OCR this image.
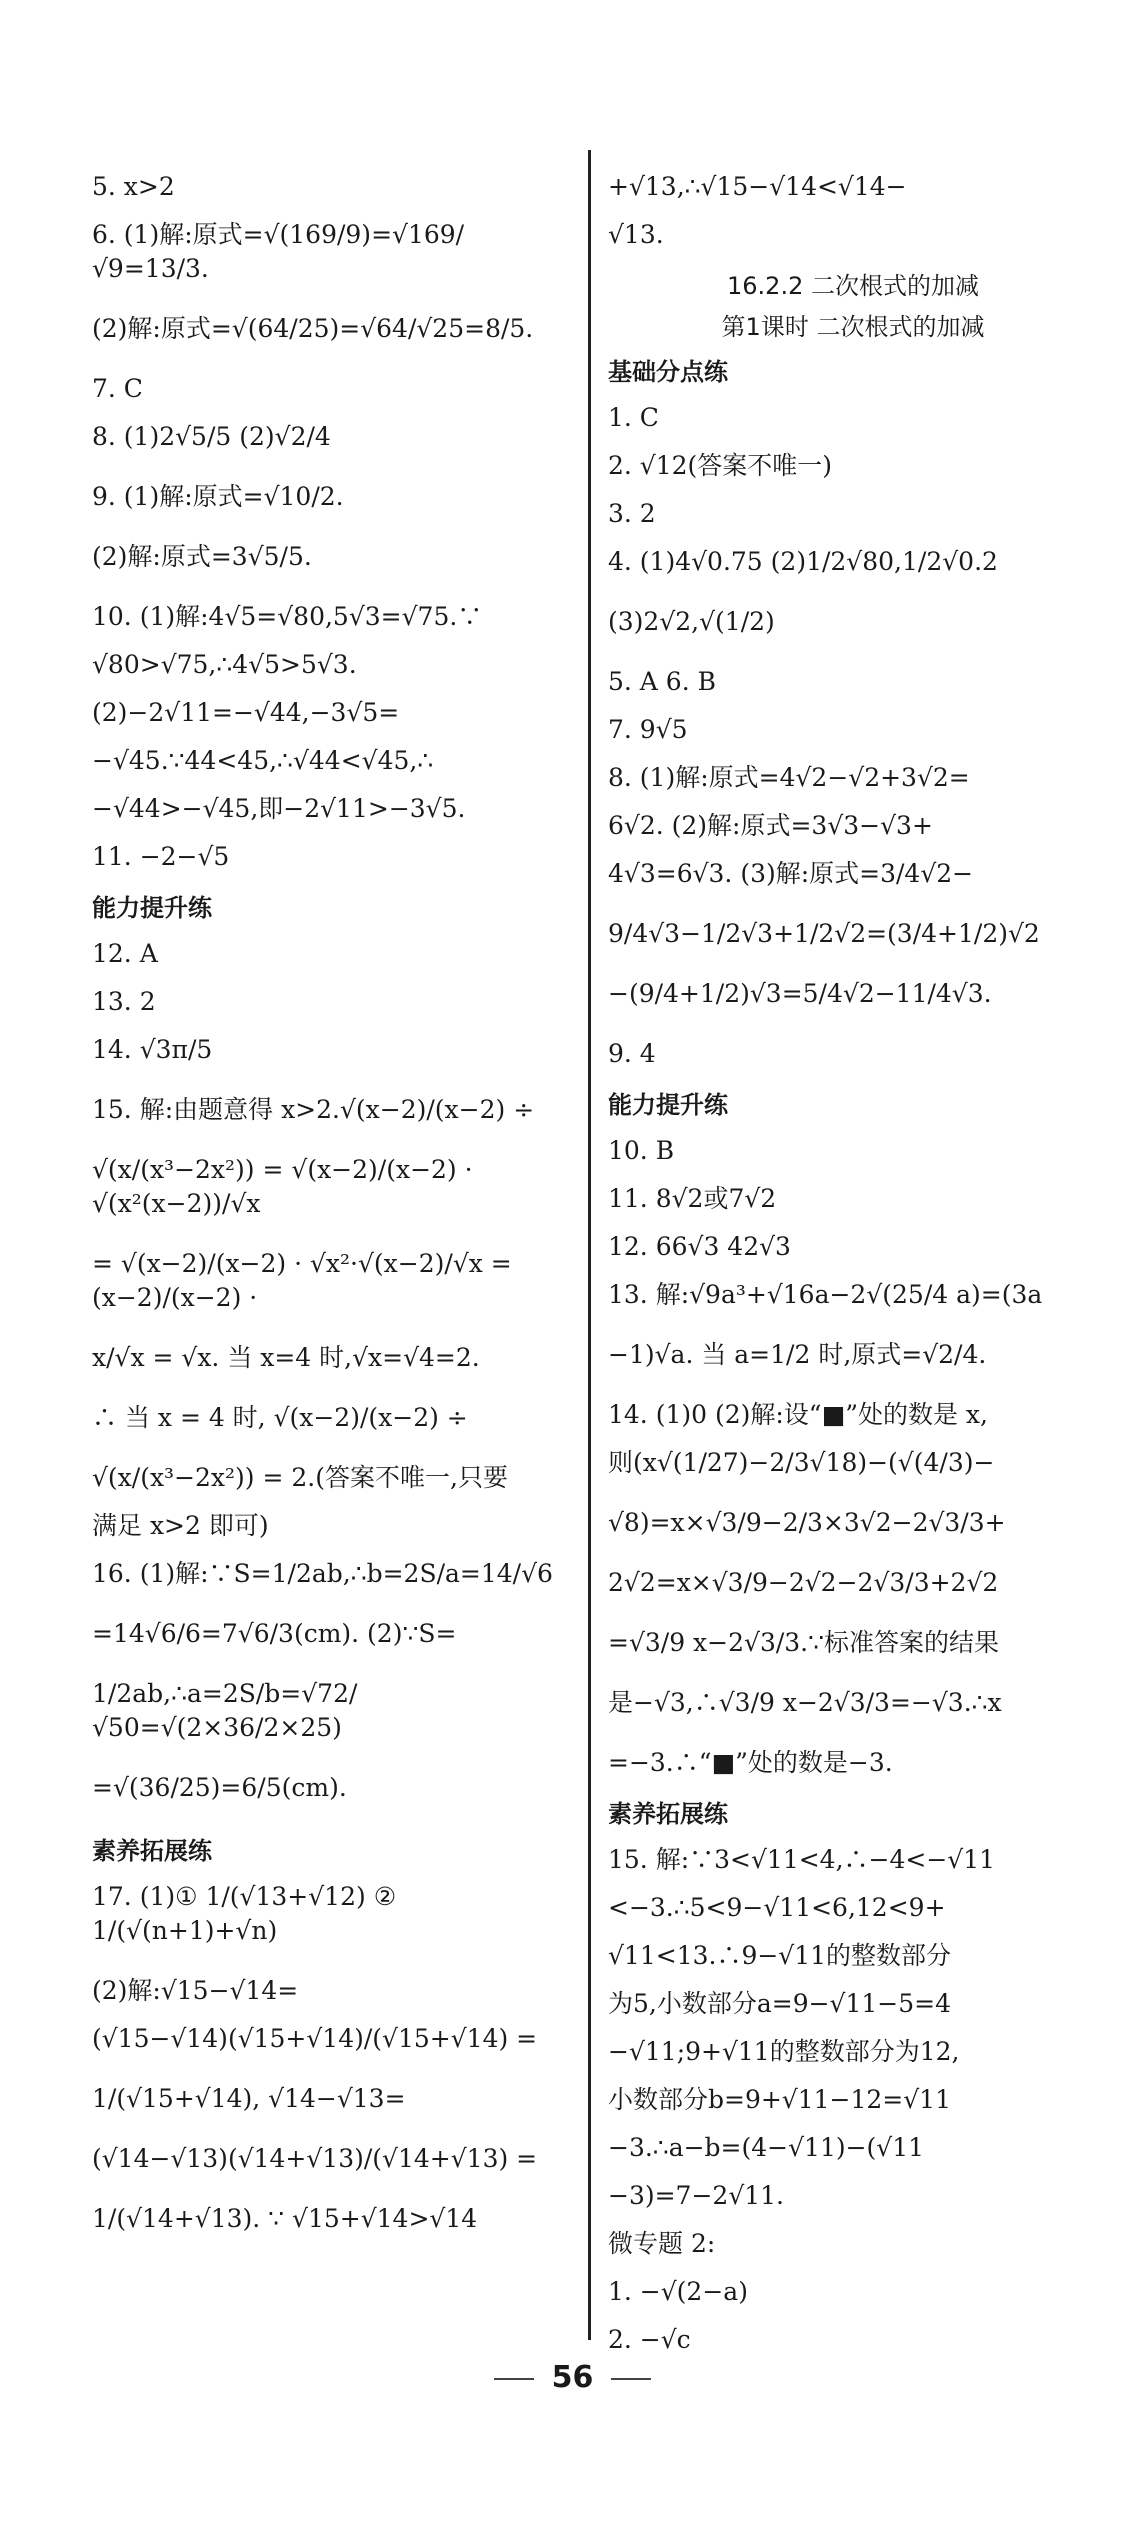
5. x>2
6. (1)解:原式=√(169/9)=√169/√9=13/3.
(2)解:原式=√(64/25)=√64/√25=8/5.
7. C
8. (1)2√5/5 (2)√2/4
9. (1)解:原式=√10/2.
(2)解:原式=3√5/5.
10. (1)解:4√5=√80,5√3=√75.∵
√80>√75,∴4√5>5√3.
(2)−2√11=−√44,−3√5=
−√45.∵44<45,∴√44<√45,∴
−√44>−√45,即−2√11>−3√5.
11. −2−√5
能力提升练
12. A
13. 2
14. √3π/5
15. 解:由题意得 x>2.√(x−2)/(x−2) ÷
√(x/(x³−2x²)) = √(x−2)/(x−2) · √(x²(x−2))/√x
= √(x−2)/(x−2) · √x²·√(x−2)/√x = (x−2)/(x−2) ·
x/√x = √x. 当 x=4 时,√x=√4=2.
∴ 当 x = 4 时, √(x−2)/(x−2) ÷
√(x/(x³−2x²)) = 2.(答案不唯一,只要
满足 x>2 即可)
16. (1)解:∵S=1/2ab,∴b=2S/a=14/√6
=14√6/6=7√6/3(cm). (2)∵S=
1/2ab,∴a=2S/b=√72/√50=√(2×36/2×25)
=√(36/25)=6/5(cm).
素养拓展练
17. (1)① 1/(√13+√12) ② 1/(√(n+1)+√n)
(2)解:√15−√14=
(√15−√14)(√15+√14)/(√15+√14) =
1/(√15+√14), √14−√13=
(√14−√13)(√14+√13)/(√14+√13) =
1/(√14+√13). ∵ √15+√14>√14
+√13,∴√15−√14<√14−
√13.
16.2.2 二次根式的加减
第1课时 二次根式的加减
基础分点练
1. C
2. √12(答案不唯一)
3. 2
4. (1)4√0.75 (2)1/2√80,1/2√0.2
(3)2√2,√(1/2)
5. A 6. B
7. 9√5
8. (1)解:原式=4√2−√2+3√2=
6√2. (2)解:原式=3√3−√3+
4√3=6√3. (3)解:原式=3/4√2−
9/4√3−1/2√3+1/2√2=(3/4+1/2)√2
−(9/4+1/2)√3=5/4√2−11/4√3.
9. 4
能力提升练
10. B
11. 8√2或7√2
12. 66√3 42√3
13. 解:√9a³+√16a−2√(25/4 a)=(3a
−1)√a. 当 a=1/2 时,原式=√2/4.
14. (1)0 (2)解:设“■”处的数是 x,
则(x√(1/27)−2/3√18)−(√(4/3)−
√8)=x×√3/9−2/3×3√2−2√3/3+
2√2=x×√3/9−2√2−2√3/3+2√2
=√3/9 x−2√3/3.∵标准答案的结果
是−√3,∴√3/9 x−2√3/3=−√3.∴x
=−3.∴“■”处的数是−3.
素养拓展练
15. 解:∵3<√11<4,∴−4<−√11
<−3.∴5<9−√11<6,12<9+
√11<13.∴9−√11的整数部分
为5,小数部分a=9−√11−5=4
−√11;9+√11的整数部分为12,
小数部分b=9+√11−12=√11
−3.∴a−b=(4−√11)−(√11
−3)=7−2√11.
微专题 2:
1. −√(2−a)
2. −√c
56
